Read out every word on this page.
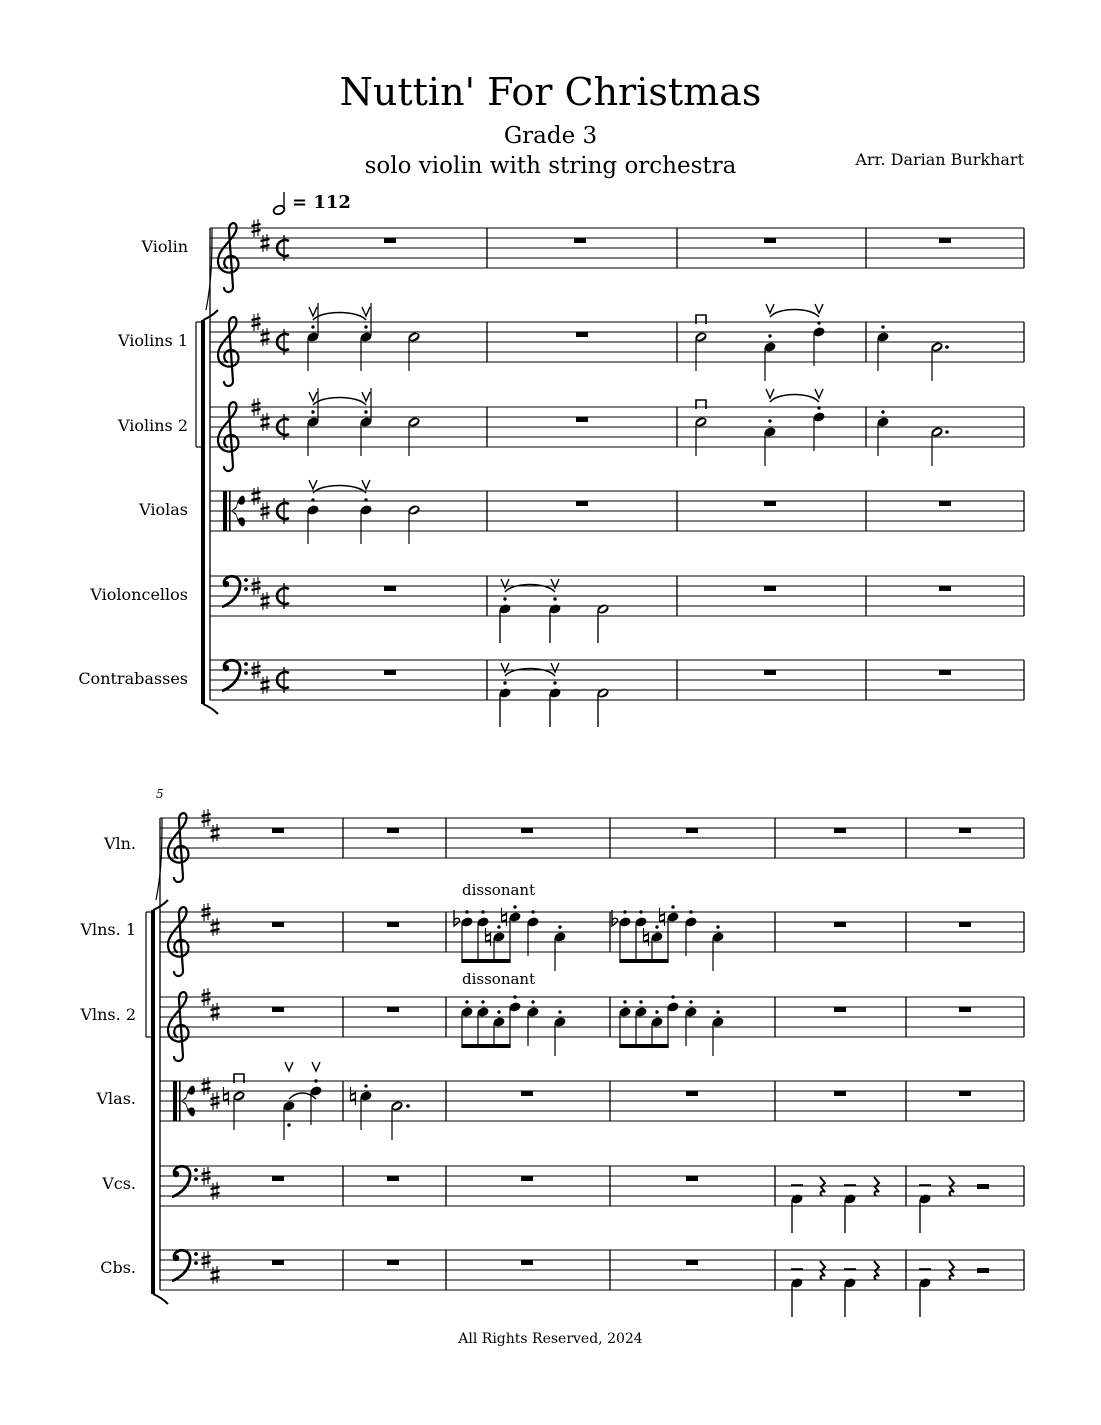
Nuttin' For Christmas
Grade 3
solo violin with string orchestra	Arr. Darian Burkhart
= 112
Violin
Violins 1
Violins 2
Violas
Violoncellos
Contrabasses
5
Vln.
Vlns. 1
Vlns. 2
Vlas.
Vcs.
Cbs.
dissonant
dissonant
All Rights Reserved, 2024
